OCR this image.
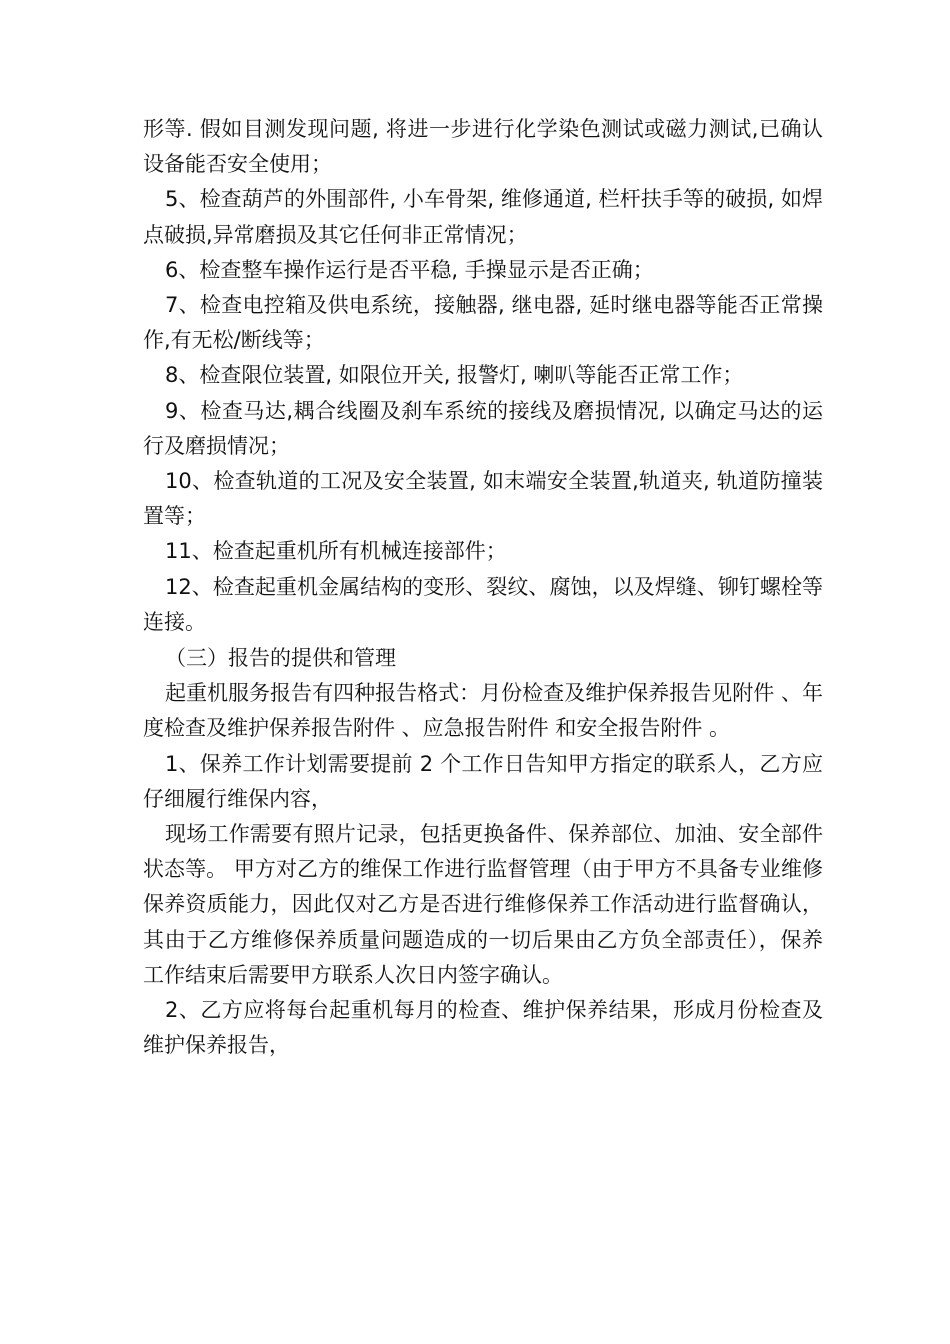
形等. 假如目测发现问题, 将进一步进行化学染色测试或磁力测试,已确认设备能否安全使用；

5、检查葫芦的外围部件, 小车骨架, 维修通道, 栏杆扶手等的破损, 如焊点破损,异常磨损及其它任何非正常情况；

6、检查整车操作运行是否平稳, 手操显示是否正确；

7、检查电控箱及供电系统，接触器, 继电器, 延时继电器等能否正常操作,有无松/断线等；

8、检查限位装置, 如限位开关, 报警灯, 喇叭等能否正常工作；

9、检查马达,耦合线圈及刹车系统的接线及磨损情况, 以确定马达的运行及磨损情况；

10、检查轨道的工况及安全装置, 如末端安全装置,轨道夹, 轨道防撞装置等；

11、检查起重机所有机械连接部件；

12、检查起重机金属结构的变形、裂纹、腐蚀，以及焊缝、铆钉螺栓等连接。

（三）报告的提供和管理

起重机服务报告有四种报告格式：月份检查及维护保养报告见附件 、年度检查及维护保养报告附件 、应急报告附件 和安全报告附件 。

1、保养工作计划需要提前 2 个工作日告知甲方指定的联系人，乙方应仔细履行维保内容，

现场工作需要有照片记录，包括更换备件、保养部位、加油、安全部件状态等。 甲方对乙方的维保工作进行监督管理（由于甲方不具备专业维修保养资质能力，因此仅对乙方是否进行维修保养工作活动进行监督确认，其由于乙方维修保养质量问题造成的一切后果由乙方负全部责任），保养工作结束后需要甲方联系人次日内签字确认。

2、乙方应将每台起重机每月的检查、维护保养结果，形成月份检查及维护保养报告，
